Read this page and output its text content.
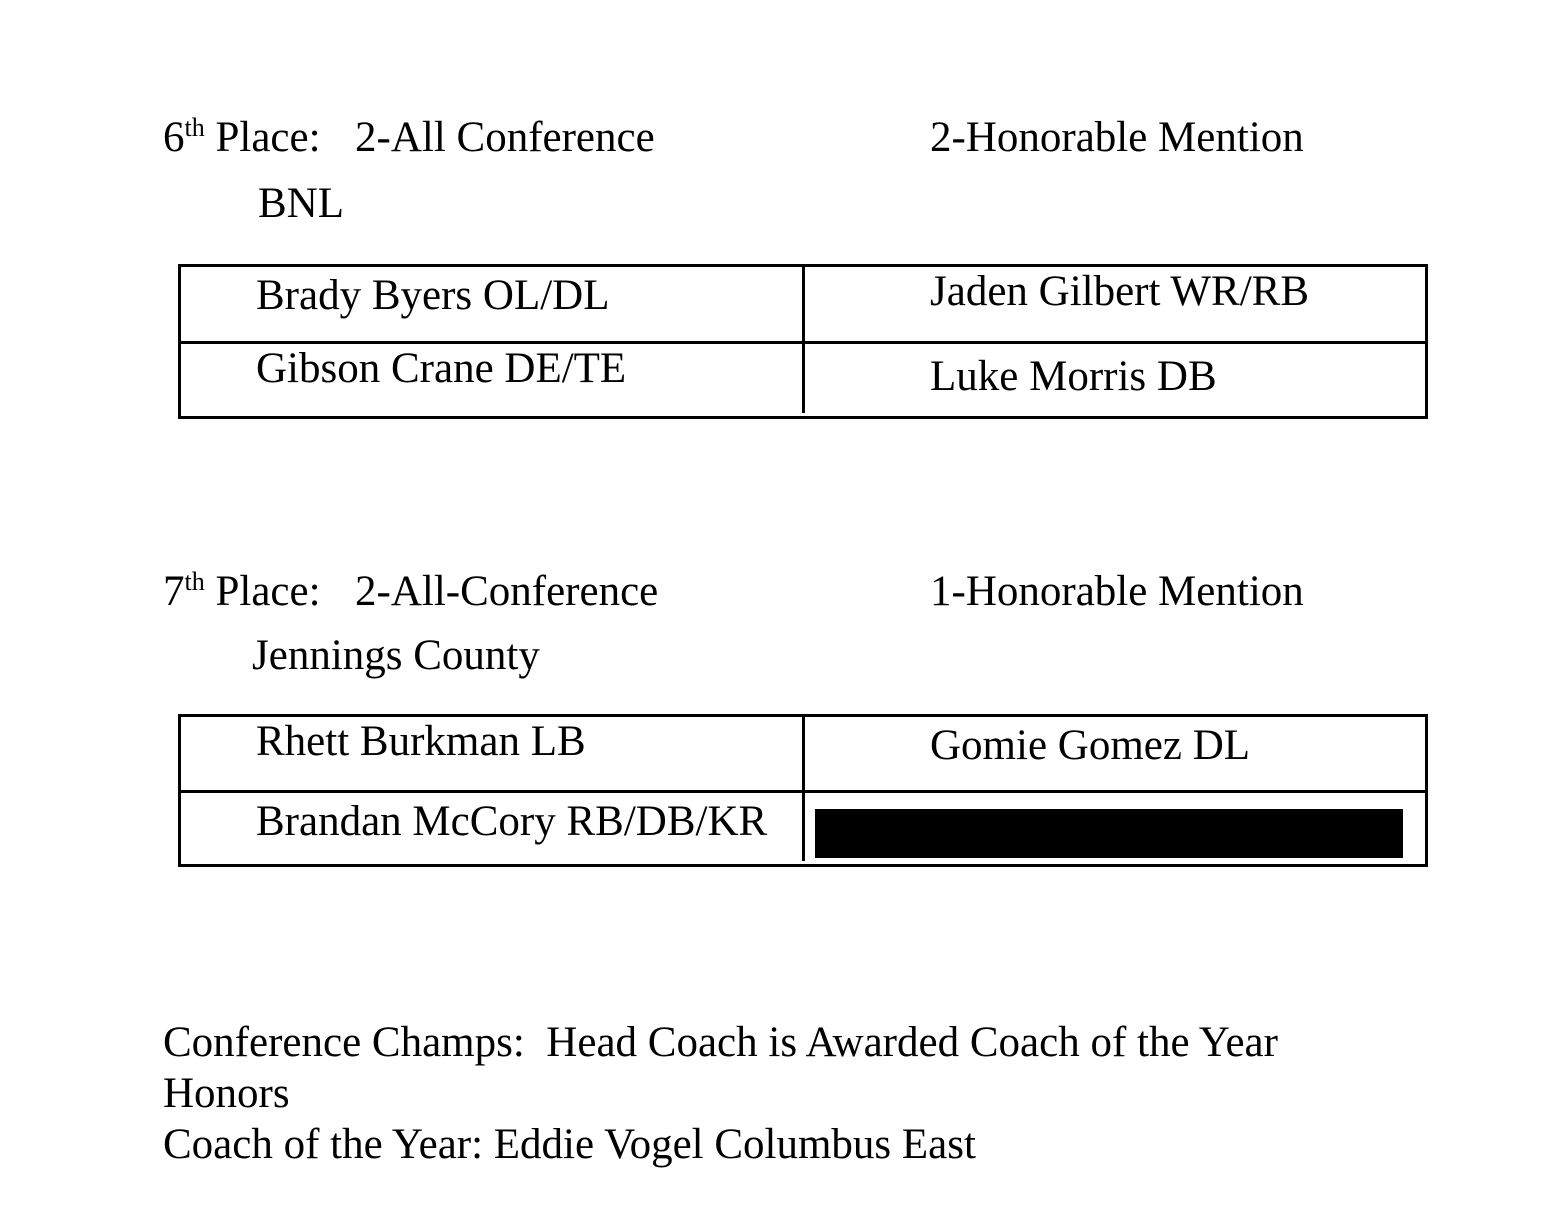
6th Place:

2-All Conference

	2-Honorable Mention

BNL
Brady Byers OL/DL	Jaden Gilbert WR/RB
Gibson Crane DE/TE	Luke Morris DB

7th Place:

2-All-Conference

	1-Honorable Mention

Jennings County
Rhett Burkman LB	Gomie Gomez DL
Brandan McCory RB/DB/KR

Conference Champs:  Head Coach is Awarded Coach of the Year
Honors
Coach of the Year: Eddie Vogel Columbus East
